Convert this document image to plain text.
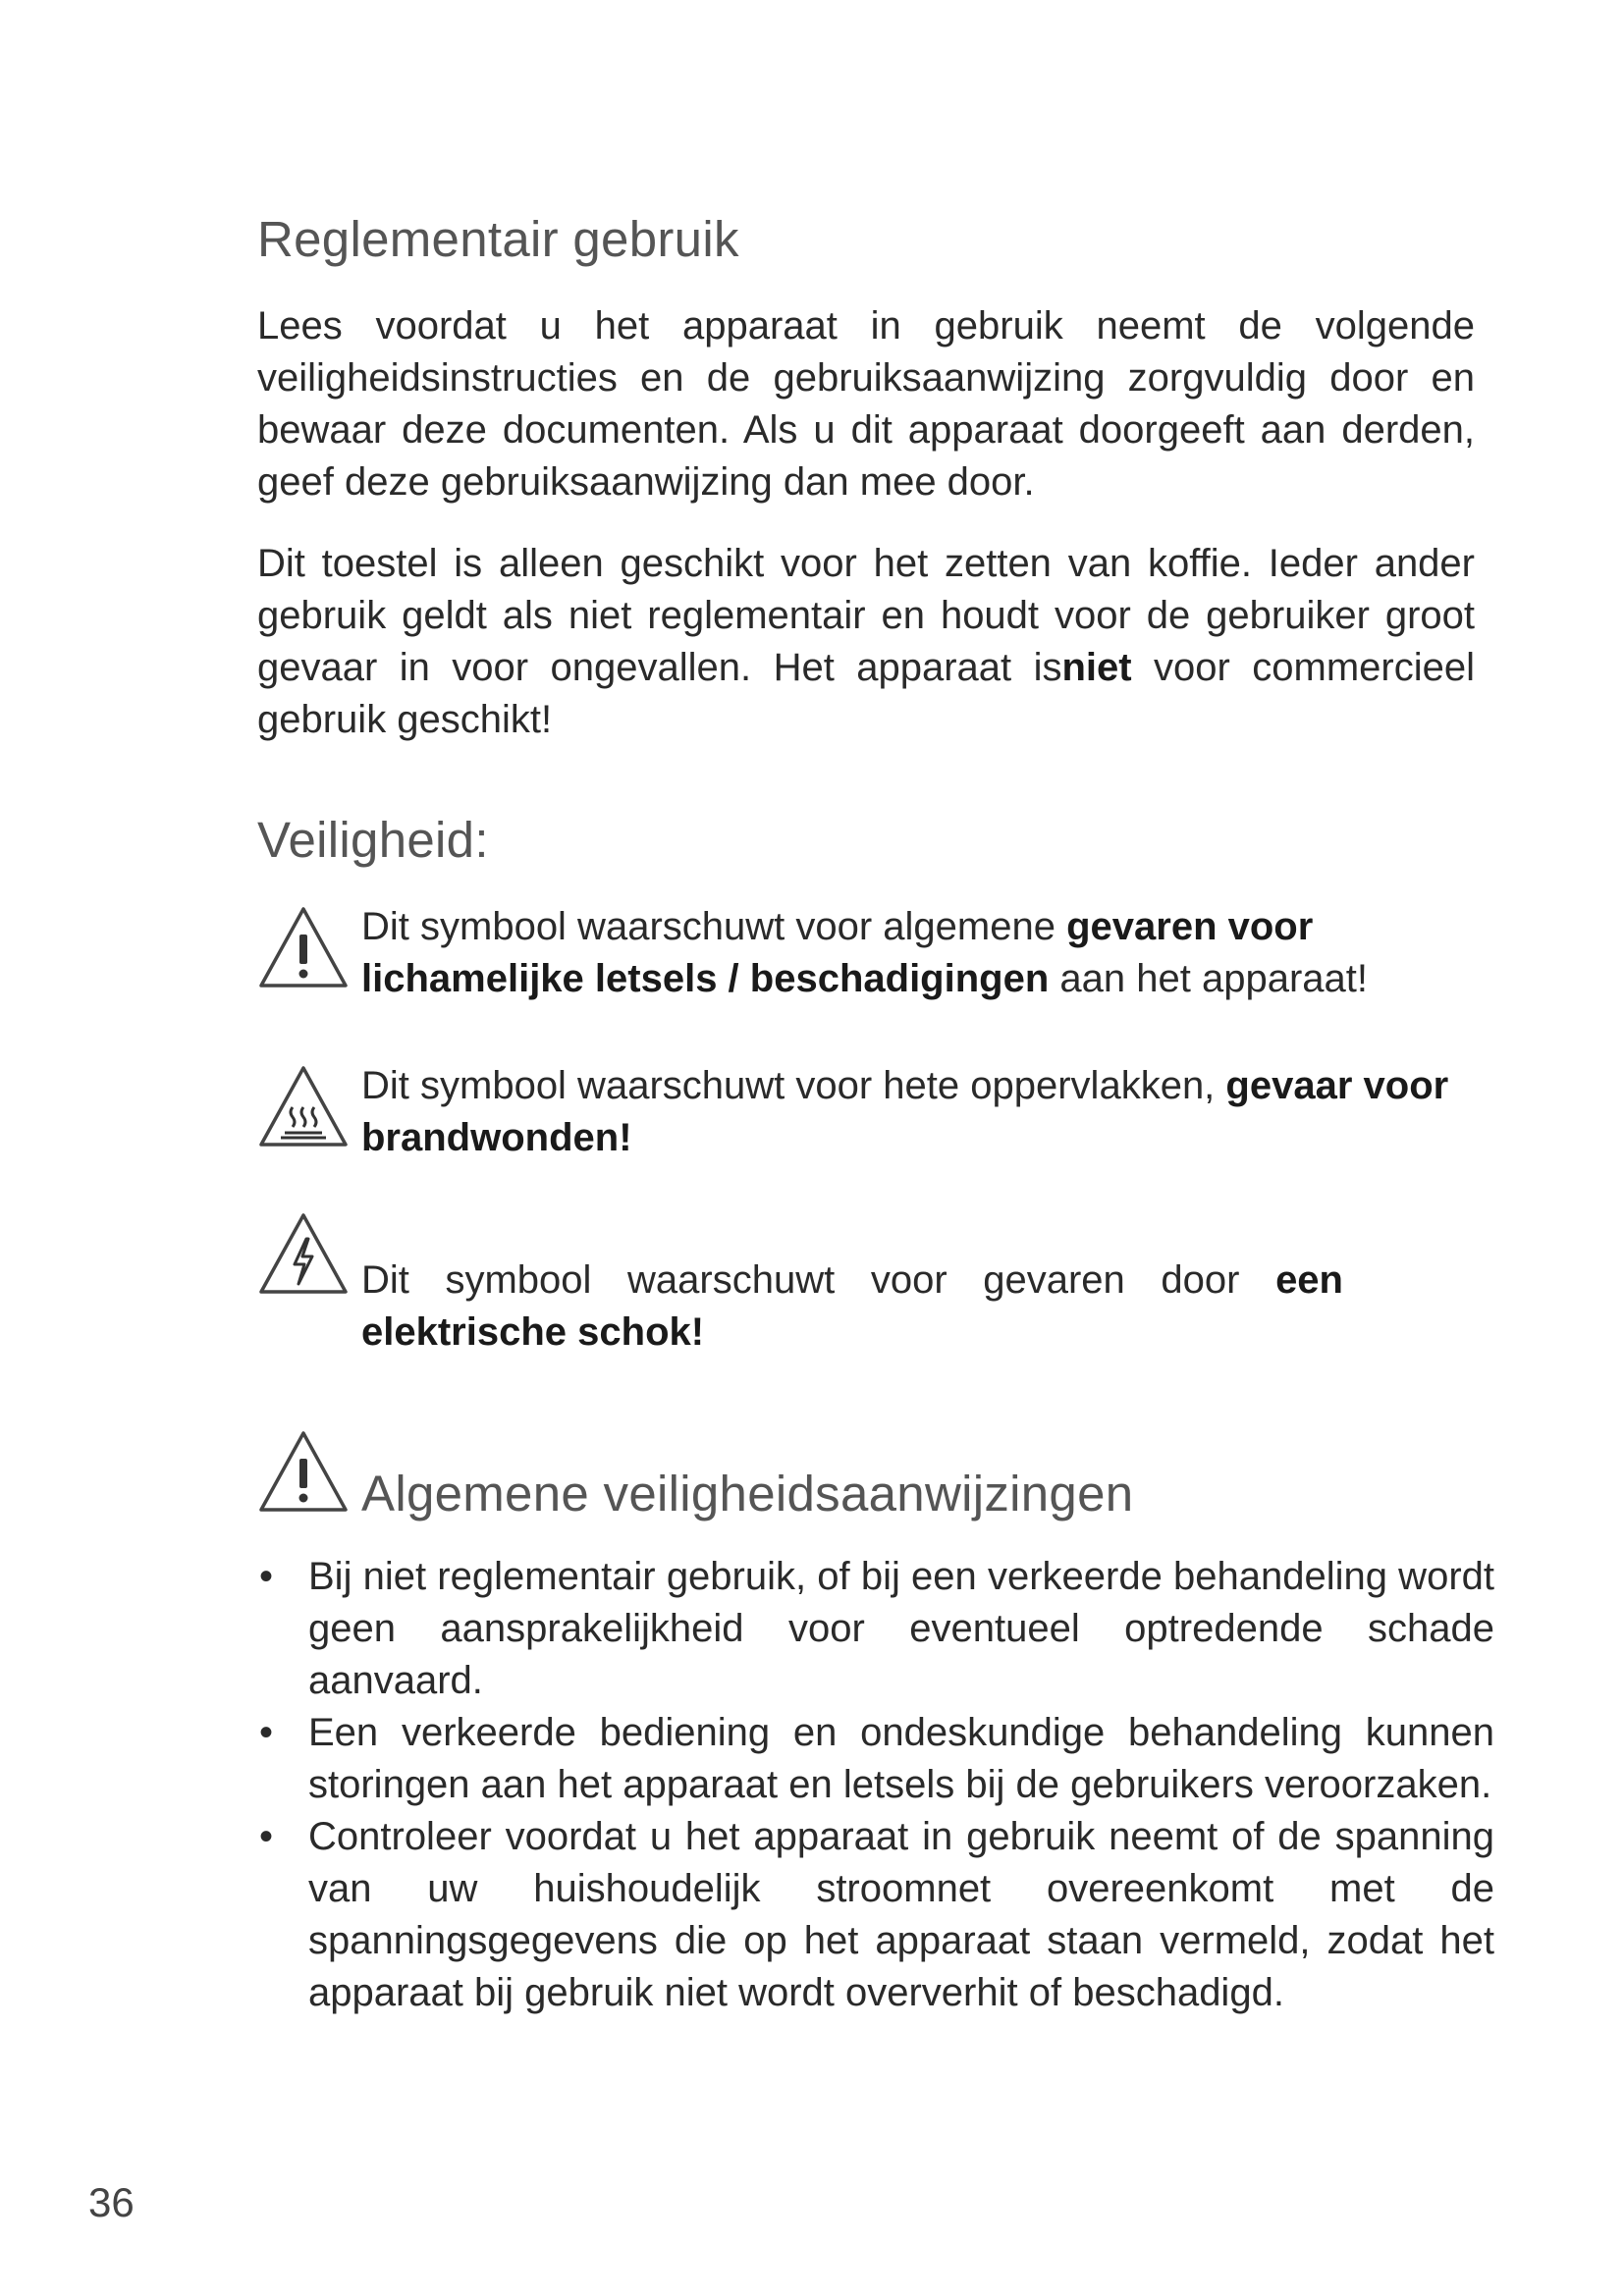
Reglementair gebruik

Lees voordat u het apparaat in gebruik neemt de volgende veiligheidsinstructies en de gebruiksaanwijzing zorgvuldig door en bewaar deze documenten. Als u dit apparaat doorgeeft aan derden, geef deze gebruiksaanwijzing dan mee door.

Dit toestel is alleen geschikt voor het zetten van koffie. Ieder ander gebruik geldt als niet reglementair en houdt voor de gebruiker groot gevaar in voor ongevallen. Het apparaat isniet voor commercieel gebruik geschikt!

Veiligheid:

Dit symbool waarschuwt voor algemene gevaren voor lichamelijke letsels / beschadigingen aan het apparaat!

Dit symbool waarschuwt voor hete oppervlakken, gevaar voor brandwonden!

Dit symbool waarschuwt voor gevaren door een elektrische schok!

Algemene veiligheidsaanwijzingen
• Bij niet reglementair gebruik, of bij een verkeerde behandeling wordt geen aansprakelijkheid voor eventueel optredende schade aanvaard.
• Een verkeerde bediening en ondeskundige behandeling kunnen storingen aan het apparaat en letsels bij de gebruikers veroorzaken.
• Controleer voordat u het apparaat in gebruik neemt of de spanning van uw huishoudelijk stroomnet overeenkomt met de spanningsgegevens die op het apparaat staan vermeld, zodat het apparaat bij gebruik niet wordt oververhit of beschadigd.
36
